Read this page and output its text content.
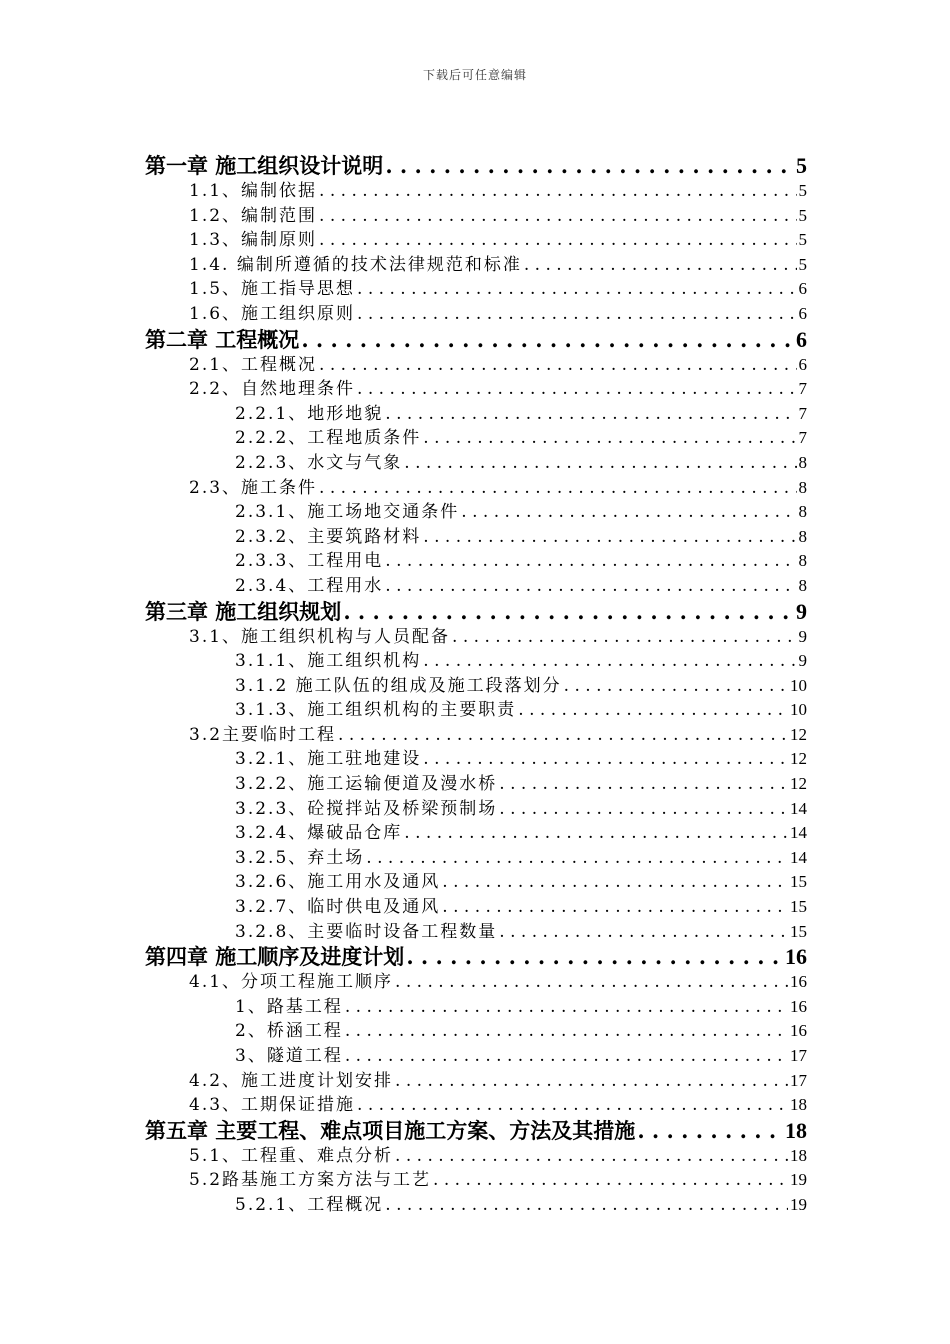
下载后可任意编辑
第一章 施工组织设计说明 . . .	5
1.1、编制依据 . . .	5
1.2、编制范围 . . .	5
1.3、编制原则 . . .	5
1.4. 编制所遵循的技术法律规范和标准 . . .	5
1.5、施工指导思想 . . .	6
1.6、施工组织原则 . . .	6
第二章 工程概况 . . .	6
2.1、工程概况 . . .	6
2.2、自然地理条件 . . .	7
2.2.1、地形地貌 . . .	7
2.2.2、工程地质条件 . . .	7
2.2.3、水文与气象 . . .	8
2.3、施工条件 . . .	8
2.3.1、施工场地交通条件 . . .	8
2.3.2、主要筑路材料 . . .	8
2.3.3、工程用电 . . .	8
2.3.4、工程用水 . . .	8
第三章 施工组织规划 . . .	9
3.1、施工组织机构与人员配备 . . .	9
3.1.1、施工组织机构 . . .	9
3.1.2 施工队伍的组成及施工段落划分 . . .	10
3.1.3、施工组织机构的主要职责 . . .	10
3.2主要临时工程 . . .	12
3.2.1、施工驻地建设 . . .	12
3.2.2、施工运输便道及漫水桥 . . .	12
3.2.3、砼搅拌站及桥梁预制场 . . .	14
3.2.4、爆破品仓库 . . .	14
3.2.5、弃土场 . . .	14
3.2.6、施工用水及通风 . . .	15
3.2.7、临时供电及通风 . . .	15
3.2.8、主要临时设备工程数量 . . .	15
第四章 施工顺序及进度计划 . . .	16
4.1、分项工程施工顺序 . . .	16
1、路基工程 . . .	16
2、桥涵工程 . . .	16
3、隧道工程 . . .	17
4.2、施工进度计划安排 . . .	17
4.3、工期保证措施 . . .	18
第五章 主要工程、难点项目施工方案、方法及其措施 . . .	18
5.1、工程重、难点分析 . . .	18
5.2路基施工方案方法与工艺 . . .	19
5.2.1、工程概况 . . .	19
